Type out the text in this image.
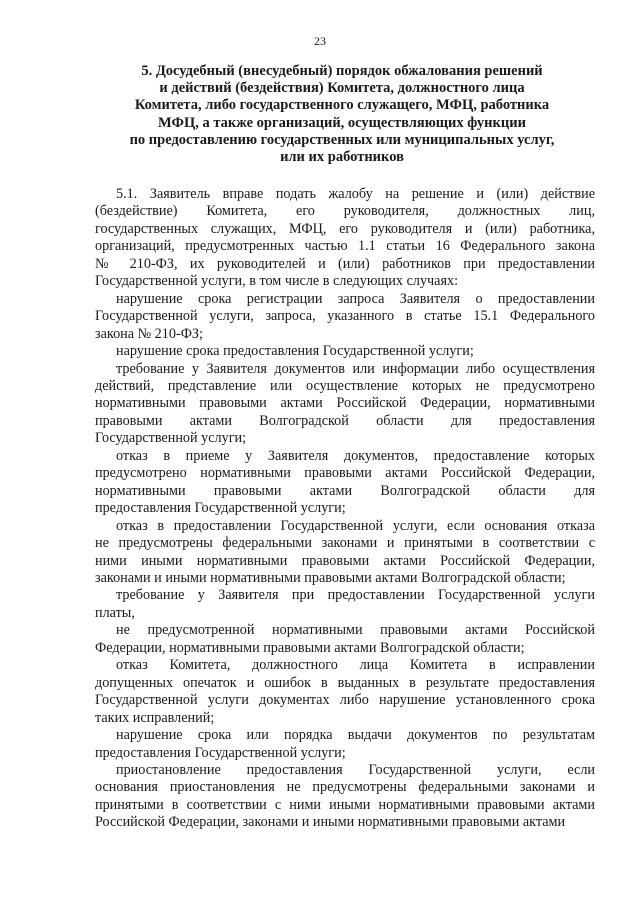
23
5. Досудебный (внесудебный) порядок обжалования решений
и действий (бездействия) Комитета, должностного лица
Комитета, либо государственного служащего, МФЦ, работника
МФЦ, а также организаций, осуществляющих функции
по предоставлению государственных или муниципальных услуг,
или их работников
5.1. Заявитель вправе подать жалобу на решение и (или) действие
(бездействие) Комитета, его руководителя, должностных лиц,
государственных служащих, МФЦ, его руководителя и (или) работника,
организаций, предусмотренных частью 1.1 статьи 16 Федерального закона
№ 210-ФЗ, их руководителей и (или) работников при предоставлении
Государственной услуги, в том числе в следующих случаях:
нарушение срока регистрации запроса Заявителя о предоставлении
Государственной услуги, запроса, указанного в статье 15.1 Федерального
закона № 210-ФЗ;
нарушение срока предоставления Государственной услуги;
требование у Заявителя документов или информации либо осуществления
действий, представление или осуществление которых не предусмотрено
нормативными правовыми актами Российской Федерации, нормативными
правовыми актами Волгоградской области для предоставления
Государственной услуги;
отказ в приеме у Заявителя документов, предоставление которых
предусмотрено нормативными правовыми актами Российской Федерации,
нормативными правовыми актами Волгоградской области для
предоставления Государственной услуги;
отказ в предоставлении Государственной услуги, если основания отказа
не предусмотрены федеральными законами и принятыми в соответствии с
ними иными нормативными правовыми актами Российской Федерации,
законами и иными нормативными правовыми актами Волгоградской области;
требование у Заявителя при предоставлении Государственной услуги
платы,
не предусмотренной нормативными правовыми актами Российской
Федерации, нормативными правовыми актами Волгоградской области;
отказ Комитета, должностного лица Комитета в исправлении
допущенных опечаток и ошибок в выданных в результате предоставления
Государственной услуги документах либо нарушение установленного срока
таких исправлений;
нарушение срока или порядка выдачи документов по результатам
предоставления Государственной услуги;
приостановление предоставления Государственной услуги, если
основания приостановления не предусмотрены федеральными законами и
принятыми в соответствии с ними иными нормативными правовыми актами
Российской Федерации, законами и иными нормативными правовыми актами
